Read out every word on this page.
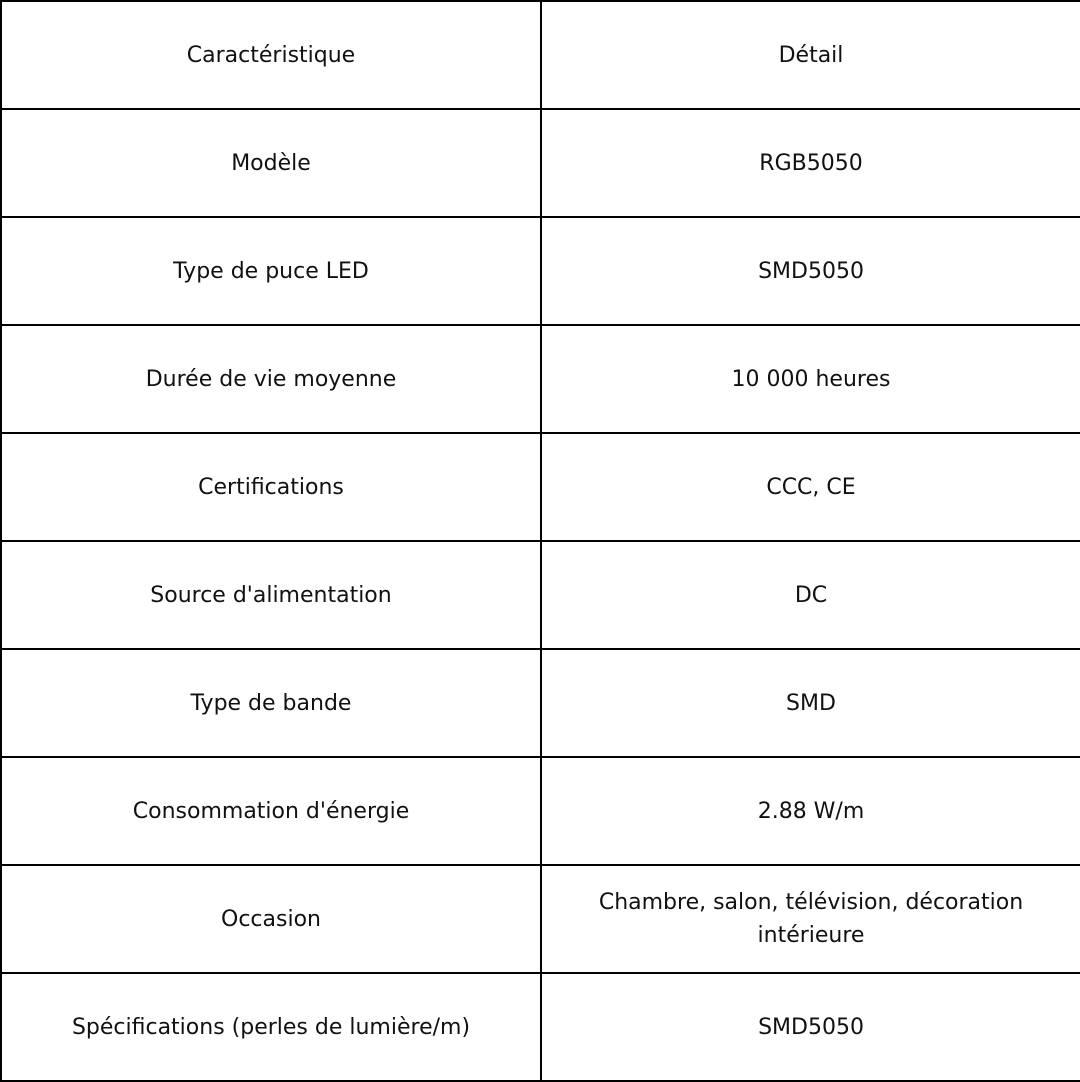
Caractéristique	Détail
Modèle	RGB5050
Type de puce LED	SMD5050
Durée de vie moyenne	10 000 heures
Certifications	CCC, CE
Source d'alimentation	DC
Type de bande	SMD
Consommation d'énergie	2.88 W/m
Occasion	Chambre, salon, télévision, décoration intérieure
Spécifications (perles de lumière/m)	SMD5050
